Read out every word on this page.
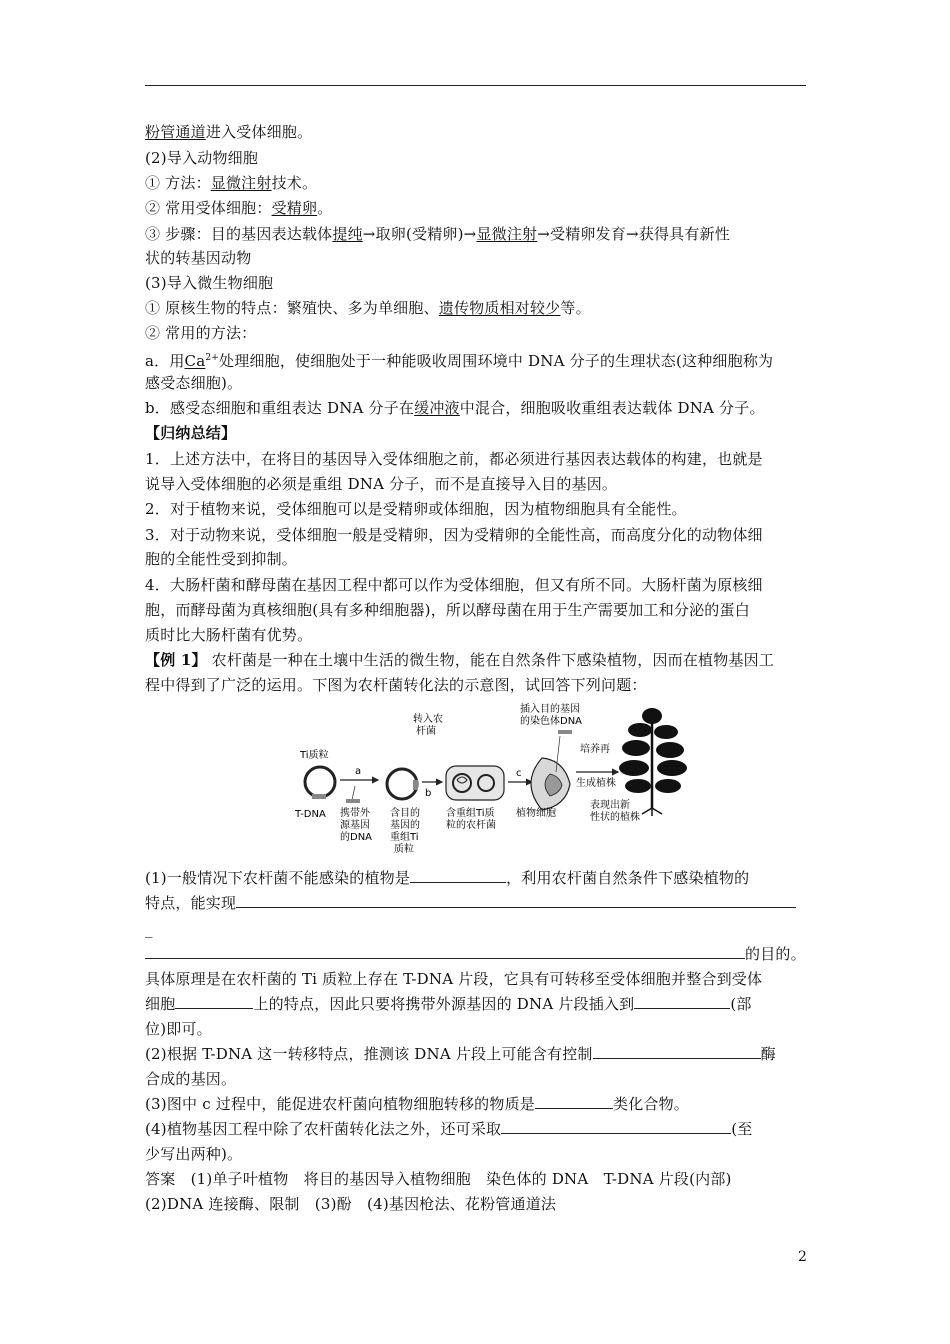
粉管通道进入受体细胞。
(2)导入动物细胞
① 方法：显微注射技术。
② 常用受体细胞：受精卵。
③ 步骤：目的基因表达载体提纯→取卵(受精卵)→显微注射→受精卵发育→获得具有新性
状的转基因动物
(3)导入微生物细胞
① 原核生物的特点：繁殖快、多为单细胞、遗传物质相对较少等。
② 常用的方法：
a．用$Ca^{2+}$处理细胞，使细胞处于一种能吸收周围环境中 DNA 分子的生理状态(这种细胞称为
感受态细胞)。
b．感受态细胞和重组表达 DNA 分子在缓冲液中混合，细胞吸收重组表达载体 DNA 分子。
【归纳总结】
1．上述方法中，在将目的基因导入受体细胞之前，都必须进行基因表达载体的构建，也就是
说导入受体细胞的必须是重组 DNA 分子，而不是直接导入目的基因。
2．对于植物来说，受体细胞可以是受精卵或体细胞，因为植物细胞具有全能性。
3．对于动物来说，受体细胞一般是受精卵，因为受精卵的全能性高，而高度分化的动物体细
胞的全能性受到抑制。
4．大肠杆菌和酵母菌在基因工程中都可以作为受体细胞，但又有所不同。大肠杆菌为原核细
胞，而酵母菌为真核细胞(具有多种细胞器)，所以酵母菌在用于生产需要加工和分泌的蛋白
质时比大肠杆菌有优势。
【例 1】 农杆菌是一种在土壤中生活的微生物，能在自然条件下感染植物，因而在植物基因工
程中得到了广泛的运用。下图为农杆菌转化法的示意图，试回答下列问题：
Ti质粒
T-DNA
a
携带外
源基因
的DNA
含目的
基因的
重组Ti
质粒
转入农
杆菌
b
含重组Ti质
粒的农杆菌
c
植物细胞
插入目的基因
的染色体DNA
培养再
生成植株
表现出新
性状的植株
(1)一般情况下农杆菌不能感染的植物是	，利用农杆菌自然条件下感染植物的
特点，能实现
_
的目的。
具体原理是在农杆菌的 Ti 质粒上存在 T-DNA 片段，它具有可转移至受体细胞并整合到受体
细胞	上的特点，因此只要将携带外源基因的 DNA 片段插入到	(部
位)即可。
(2)根据 T-DNA 这一转移特点，推测该 DNA 片段上可能含有控制	酶
合成的基因。
(3)图中 c 过程中，能促进农杆菌向植物细胞转移的物质是	类化合物。
(4)植物基因工程中除了农杆菌转化法之外，还可采取	(至
少写出两种)。
答案　(1)单子叶植物　将目的基因导入植物细胞　染色体的 DNA　T-DNA 片段(内部)
(2)DNA 连接酶、限制　(3)酚　(4)基因枪法、花粉管通道法
2
